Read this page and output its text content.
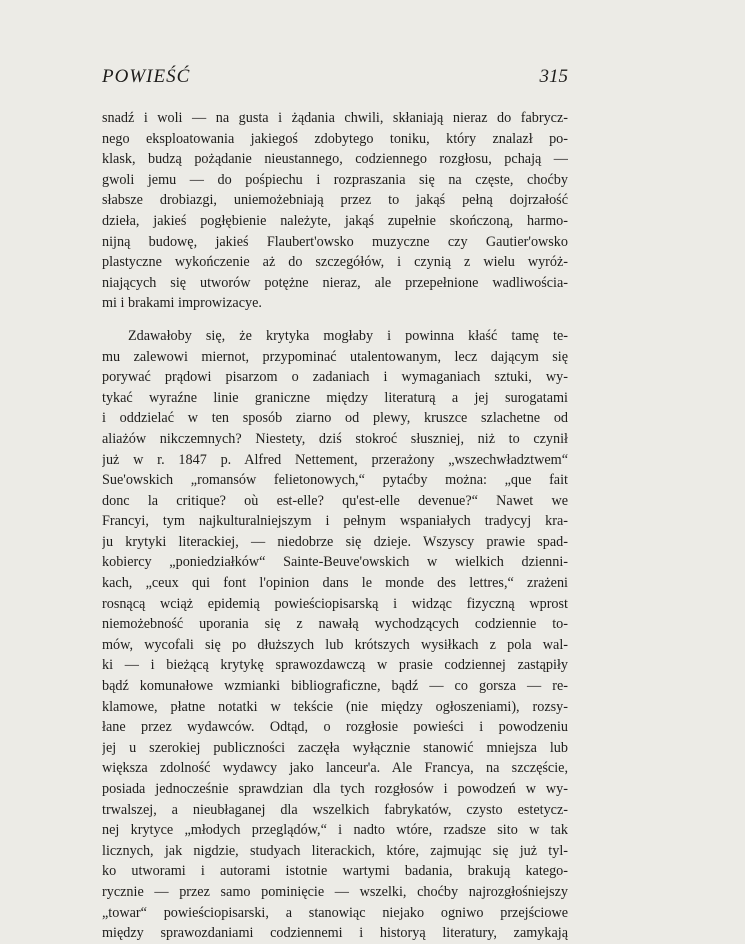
POWIEŚĆ	315
snadź i woli — na gusta i żądania chwili, skłaniają nieraz do fabrycz-
nego eksploatowania jakiegoś zdobytego toniku, który znalazł po-
klask, budzą pożądanie nieustannego, codziennego rozgłosu, pchają —
gwoli jemu — do pośpiechu i rozpraszania się na częste, choćby
słabsze drobiazgi, uniemożebniają przez to jakąś pełną dojrzałość
dzieła, jakieś pogłębienie należyte, jakąś zupełnie skończoną, harmo-
nijną budowę, jakieś Flaubert'owsko muzyczne czy Gautier'owsko
plastyczne wykończenie aż do szczegółów, i czynią z wielu wyróż-
niających się utworów potężne nieraz, ale przepełnione wadliwościa-
mi i brakami improwizacye.
Zdawałoby się, że krytyka mogłaby i powinna kłaść tamę te-
mu zalewowi miernot, przypominać utalentowanym, lecz dającym się
porywać prądowi pisarzom o zadaniach i wymaganiach sztuki, wy-
tykać wyraźne linie graniczne między literaturą a jej surogatami
i oddzielać w ten sposób ziarno od plewy, kruszce szlachetne od
aliażów nikczemnych? Niestety, dziś stokroć słuszniej, niż to czynił
już w r. 1847 p. Alfred Nettement, przerażony „wszechwładztwem“
Sue'owskich „romansów felietonowych,“ pytaćby można: „que fait
donc la critique? où est-elle? qu'est-elle devenue?“ Nawet we
Francyi, tym najkulturalniejszym i pełnym wspaniałych tradycyj kra-
ju krytyki literackiej, — niedobrze się dzieje. Wszyscy prawie spad-
kobiercy „poniedziałków“ Sainte-Beuve'owskich w wielkich dzienni-
kach, „ceux qui font l'opinion dans le monde des lettres,“ zrażeni
rosnącą wciąż epidemią powieściopisarską i widząc fizyczną wprost
niemożebność uporania się z nawałą wychodzących codziennie to-
mów, wycofali się po dłuższych lub krótszych wysiłkach z pola wal-
ki — i bieżącą krytykę sprawozdawczą w prasie codziennej zastąpiły
bądź komunałowe wzmianki bibliograficzne, bądź — co gorsza — re-
klamowe, płatne notatki w tekście (nie między ogłoszeniami), rozsy-
łane przez wydawców. Odtąd, o rozgłosie powieści i powodzeniu
jej u szerokiej publiczności zaczęła wyłącznie stanowić mniejsza lub
większa zdolność wydawcy jako lanceur'a. Ale Francya, na szczęście,
posiada jednocześnie sprawdzian dla tych rozgłosów i powodzeń w wy-
trwalszej, a nieubłaganej dla wszelkich fabrykatów, czysto estetycz-
nej krytyce „młodych przeglądów,“ i nadto wtóre, rzadsze sito w tak
licznych, jak nigdzie, studyach literackich, które, zajmując się już tyl-
ko utworami i autorami istotnie wartymi badania, brakują katego-
rycznie — przez samo pominięcie — wszelki, choćby najrozgłośniejszy
„towar“ powieściopisarski, a stanowiąc niejako ogniwo przejściowe
między sprawozdaniami codziennemi i historyą literatury, zamykają
